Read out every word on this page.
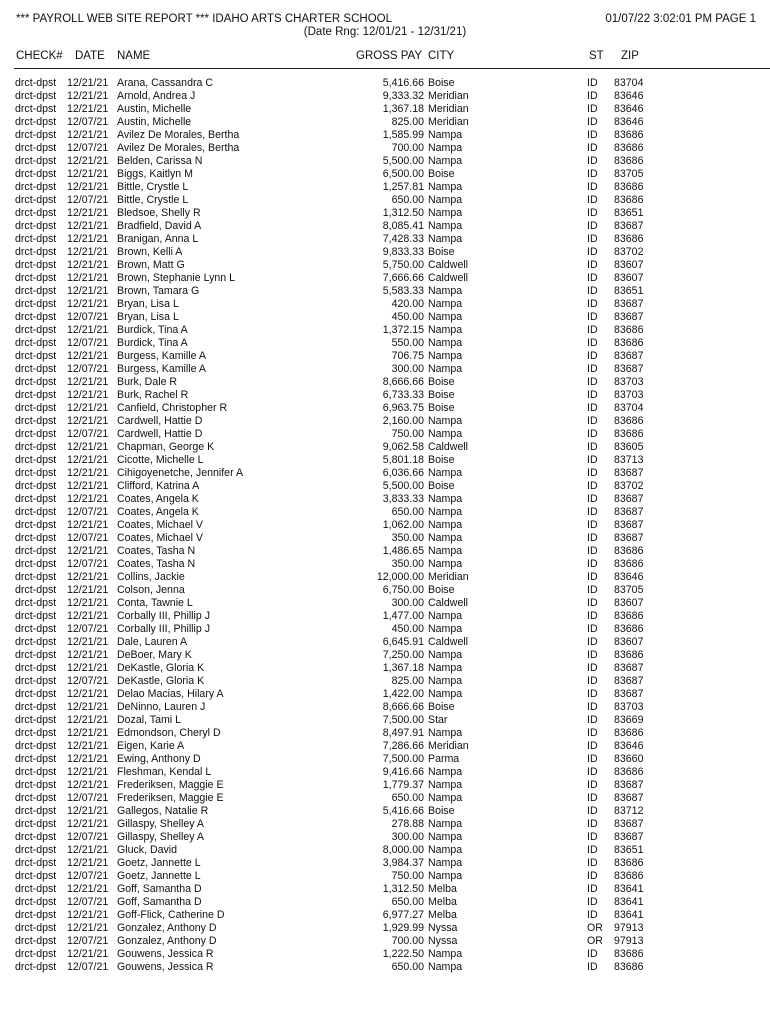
*** PAYROLL WEB SITE REPORT *** IDAHO ARTS CHARTER SCHOOL
(Date Rng: 12/01/21 - 12/31/21)
01/07/22 3:02:01 PM PAGE 1
CHECK# DATE NAME	GROSS PAY CITY	ST ZIP
drct-dpst 12/21/21 Arana, Cassandra C	5,416.66 Boise	ID 83704
drct-dpst 12/21/21 Arnold, Andrea J	9,333.32 Meridian	ID 83646
drct-dpst 12/21/21 Austin, Michelle	1,367.18 Meridian	ID 83646
drct-dpst 12/07/21 Austin, Michelle	825.00 Meridian	ID 83646
drct-dpst 12/21/21 Avilez De Morales, Bertha	1,585.99 Nampa	ID 83686
drct-dpst 12/07/21 Avilez De Morales, Bertha	700.00 Nampa	ID 83686
drct-dpst 12/21/21 Belden, Carissa N	5,500.00 Nampa	ID 83686
drct-dpst 12/21/21 Biggs, Kaitlyn M	6,500.00 Boise	ID 83705
drct-dpst 12/21/21 Bittle, Crystle L	1,257.81 Nampa	ID 83686
drct-dpst 12/07/21 Bittle, Crystle L	650.00 Nampa	ID 83686
drct-dpst 12/21/21 Bledsoe, Shelly R	1,312.50 Nampa	ID 83651
drct-dpst 12/21/21 Bradfield, David A	8,085.41 Nampa	ID 83687
drct-dpst 12/21/21 Branigan, Anna L	7,428.33 Nampa	ID 83686
drct-dpst 12/21/21 Brown, Kelli A	9,833.33 Boise	ID 83702
drct-dpst 12/21/21 Brown, Matt G	5,750.00 Caldwell	ID 83607
drct-dpst 12/21/21 Brown, Stephanie Lynn L	7,666.66 Caldwell	ID 83607
drct-dpst 12/21/21 Brown, Tamara G	5,583.33 Nampa	ID 83651
drct-dpst 12/21/21 Bryan, Lisa L	420.00 Nampa	ID 83687
drct-dpst 12/07/21 Bryan, Lisa L	450.00 Nampa	ID 83687
drct-dpst 12/21/21 Burdick, Tina A	1,372.15 Nampa	ID 83686
drct-dpst 12/07/21 Burdick, Tina A	550.00 Nampa	ID 83686
drct-dpst 12/21/21 Burgess, Kamille A	706.75 Nampa	ID 83687
drct-dpst 12/07/21 Burgess, Kamille A	300.00 Nampa	ID 83687
drct-dpst 12/21/21 Burk, Dale R	8,666.66 Boise	ID 83703
drct-dpst 12/21/21 Burk, Rachel R	6,733.33 Boise	ID 83703
drct-dpst 12/21/21 Canfield, Christopher R	6,963.75 Boise	ID 83704
drct-dpst 12/21/21 Cardwell, Hattie D	2,160.00 Nampa	ID 83686
drct-dpst 12/07/21 Cardwell, Hattie D	750.00 Nampa	ID 83686
drct-dpst 12/21/21 Chapman, George K	9,062.58 Caldwell	ID 83605
drct-dpst 12/21/21 Cicotte, Michelle L	5,801.18 Boise	ID 83713
drct-dpst 12/21/21 Cihigoyenetche, Jennifer A	6,036.66 Nampa	ID 83687
drct-dpst 12/21/21 Clifford, Katrina A	5,500.00 Boise	ID 83702
drct-dpst 12/21/21 Coates, Angela K	3,833.33 Nampa	ID 83687
drct-dpst 12/07/21 Coates, Angela K	650.00 Nampa	ID 83687
drct-dpst 12/21/21 Coates, Michael V	1,062.00 Nampa	ID 83687
drct-dpst 12/07/21 Coates, Michael V	350.00 Nampa	ID 83687
drct-dpst 12/21/21 Coates, Tasha N	1,486.65 Nampa	ID 83686
drct-dpst 12/07/21 Coates, Tasha N	350.00 Nampa	ID 83686
drct-dpst 12/21/21 Collins, Jackie	12,000.00 Meridian	ID 83646
drct-dpst 12/21/21 Colson, Jenna	6,750.00 Boise	ID 83705
drct-dpst 12/21/21 Conta, Tawnie L	300.00 Caldwell	ID 83607
drct-dpst 12/21/21 Corbally III, Phillip J	1,477.00 Nampa	ID 83686
drct-dpst 12/07/21 Corbally III, Phillip J	450.00 Nampa	ID 83686
drct-dpst 12/21/21 Dale, Lauren A	6,645.91 Caldwell	ID 83607
drct-dpst 12/21/21 DeBoer, Mary K	7,250.00 Nampa	ID 83686
drct-dpst 12/21/21 DeKastle, Gloria K	1,367.18 Nampa	ID 83687
drct-dpst 12/07/21 DeKastle, Gloria K	825.00 Nampa	ID 83687
drct-dpst 12/21/21 Delao Macias, Hilary A	1,422.00 Nampa	ID 83687
drct-dpst 12/21/21 DeNinno, Lauren J	8,666.66 Boise	ID 83703
drct-dpst 12/21/21 Dozal, Tami L	7,500.00 Star	ID 83669
drct-dpst 12/21/21 Edmondson, Cheryl D	8,497.91 Nampa	ID 83686
drct-dpst 12/21/21 Eigen, Karie A	7,286.66 Meridian	ID 83646
drct-dpst 12/21/21 Ewing, Anthony D	7,500.00 Parma	ID 83660
drct-dpst 12/21/21 Fleshman, Kendal L	9,416.66 Nampa	ID 83686
drct-dpst 12/21/21 Frederiksen, Maggie E	1,779.37 Nampa	ID 83687
drct-dpst 12/07/21 Frederiksen, Maggie E	650.00 Nampa	ID 83687
drct-dpst 12/21/21 Gallegos, Natalie R	5,416.66 Boise	ID 83712
drct-dpst 12/21/21 Gillaspy, Shelley A	278.88 Nampa	ID 83687
drct-dpst 12/07/21 Gillaspy, Shelley A	300.00 Nampa	ID 83687
drct-dpst 12/21/21 Gluck, David	8,000.00 Nampa	ID 83651
drct-dpst 12/21/21 Goetz, Jannette L	3,984.37 Nampa	ID 83686
drct-dpst 12/07/21 Goetz, Jannette L	750.00 Nampa	ID 83686
drct-dpst 12/21/21 Goff, Samantha D	1,312.50 Melba	ID 83641
drct-dpst 12/07/21 Goff, Samantha D	650.00 Melba	ID 83641
drct-dpst 12/21/21 Goff-Flick, Catherine D	6,977.27 Melba	ID 83641
drct-dpst 12/21/21 Gonzalez, Anthony D	1,929.99 Nyssa	OR 97913
drct-dpst 12/07/21 Gonzalez, Anthony D	700.00 Nyssa	OR 97913
drct-dpst 12/21/21 Gouwens, Jessica R	1,222.50 Nampa	ID 83686
drct-dpst 12/07/21 Gouwens, Jessica R	650.00 Nampa	ID 83686
